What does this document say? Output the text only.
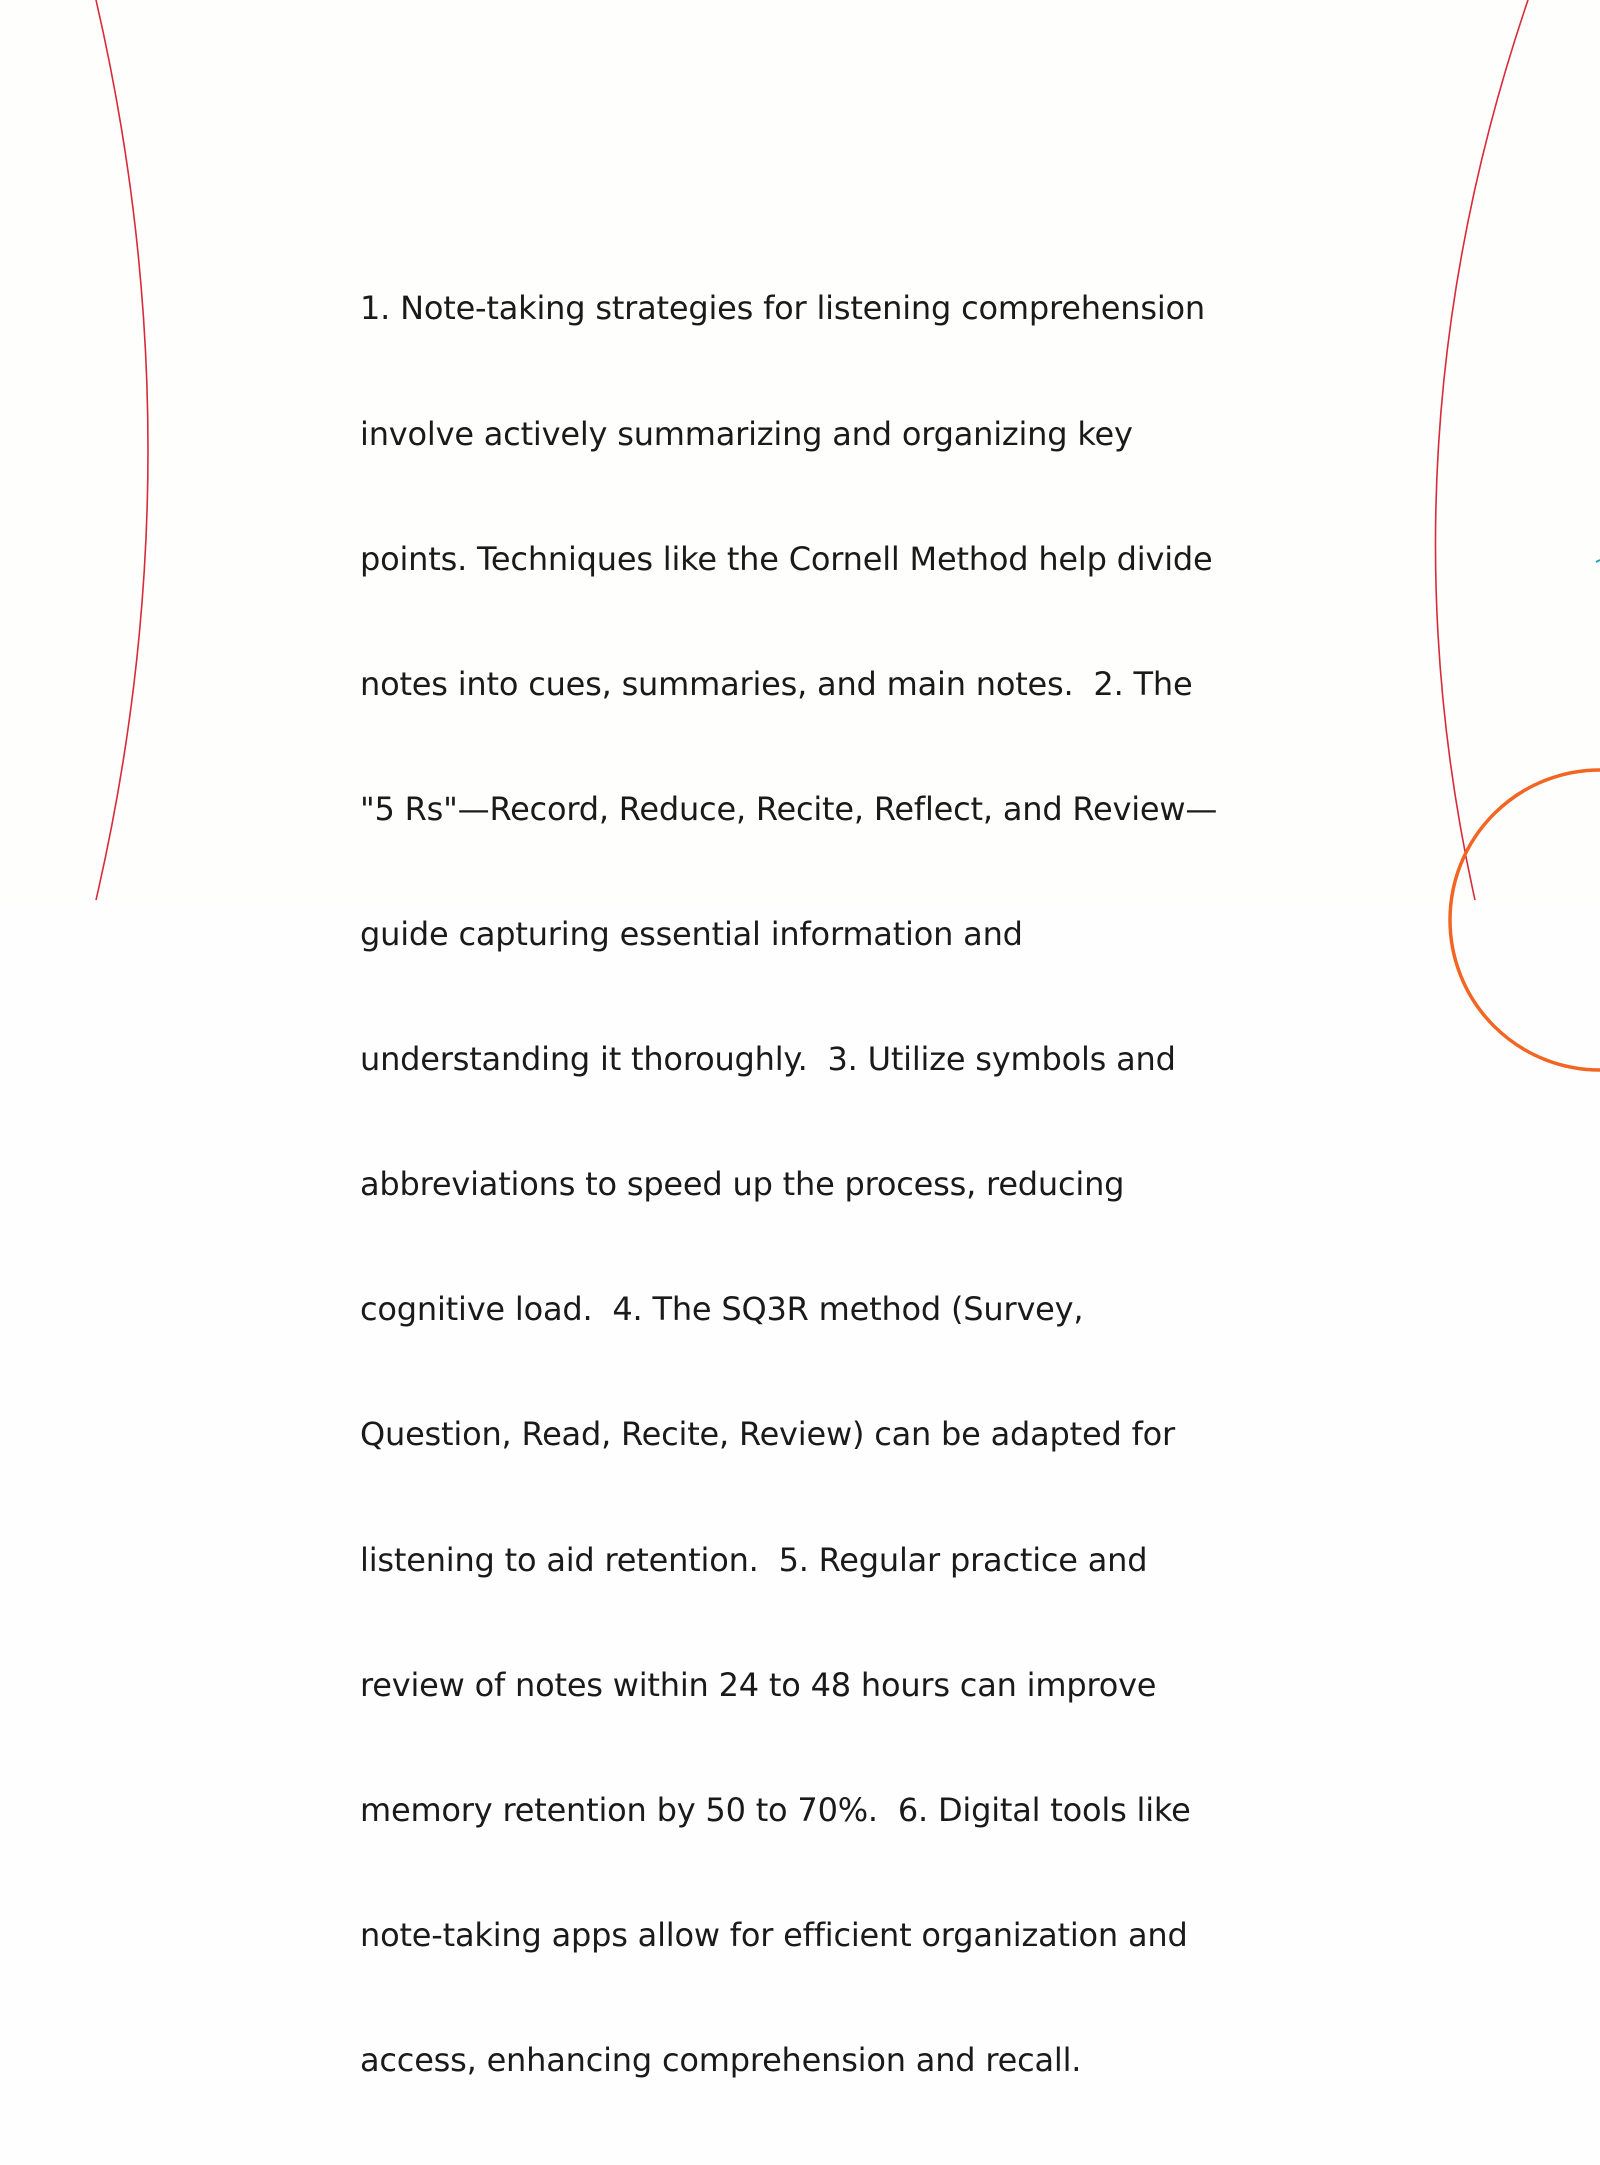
1. Note-taking strategies for listening comprehension

involve actively summarizing and organizing key

points. Techniques like the Cornell Method help divide

notes into cues, summaries, and main notes.  2. The

"5 Rs"—Record, Reduce, Recite, Reflect, and Review—

guide capturing essential information and

understanding it thoroughly.  3. Utilize symbols and

abbreviations to speed up the process, reducing

cognitive load.  4. The SQ3R method (Survey,

Question, Read, Recite, Review) can be adapted for

listening to aid retention.  5. Regular practice and

review of notes within 24 to 48 hours can improve

memory retention by 50 to 70%.  6. Digital tools like

note-taking apps allow for efficient organization and

access, enhancing comprehension and recall.
